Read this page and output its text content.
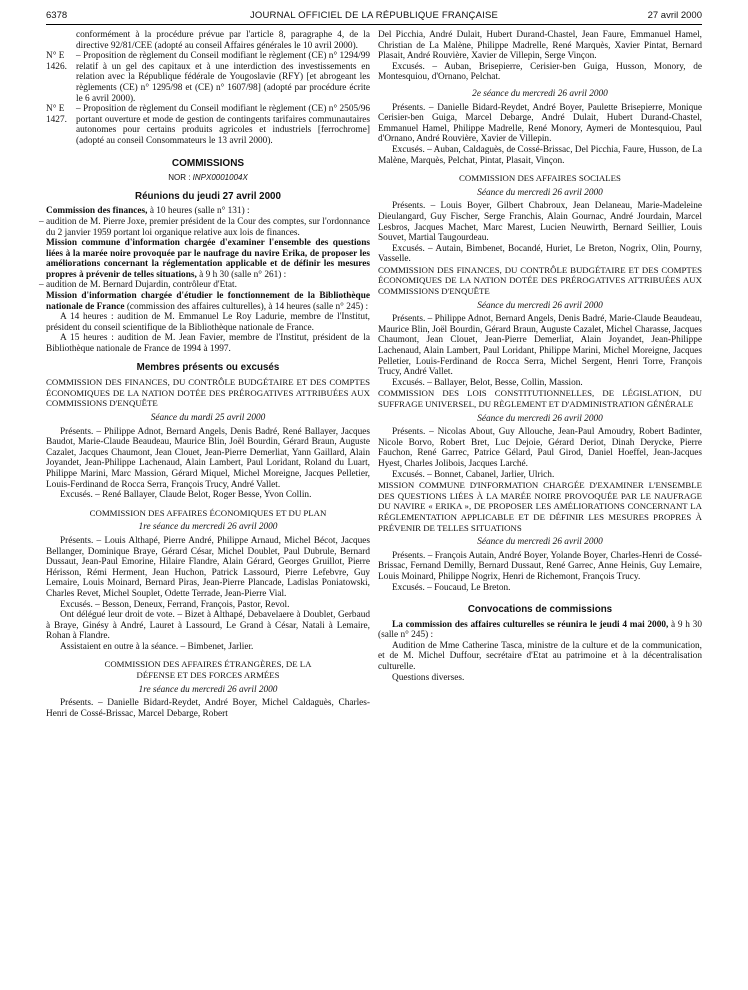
6378	JOURNAL OFFICIEL DE LA RÉPUBLIQUE FRANÇAISE	27 avril 2000

conformément à la procédure prévue par l'article 8, paragraphe 4, de la directive 92/81/CEE (adopté au conseil Affaires générales le 10 avril 2000).

N° E 1426.
– Proposition de règlement du Conseil modifiant le règlement (CE) n° 1294/99 relatif à un gel des capitaux et à une interdiction des investissements en relation avec la République fédérale de Yougoslavie (RFY) [et abrogeant les règlements (CE) n° 1295/98 et (CE) n° 1607/98] (adopté par procédure écrite le 6 avril 2000).
N° E 1427.
– Proposition de règlement du Conseil modifiant le règlement (CE) n° 2505/96 portant ouverture et mode de gestion de contingents tarifaires communautaires autonomes pour certains produits agricoles et industriels [ferrochrome] (adopté au conseil Consommateurs le 13 avril 2000).
COMMISSIONS
NOR : INPX0001004X
Réunions du jeudi 27 avril 2000

Commission des finances, à 10 heures (salle n° 131) :

– audition de M. Pierre Joxe, premier président de la Cour des comptes, sur l'ordonnance du 2 janvier 1959 portant loi organique relative aux lois de finances.

Mission commune d'information chargée d'examiner l'ensemble des questions liées à la marée noire provoquée par le naufrage du navire Erika, de proposer les améliorations concernant la réglementation applicable et de définir les mesures propres à prévenir de telles situations, à 9 h 30 (salle n° 261) :

– audition de M. Bernard Dujardin, contrôleur d'Etat.

Mission d'information chargée d'étudier le fonctionnement de la Bibliothèque nationale de France (commission des affaires culturelles), à 14 heures (salle n° 245) :

A 14 heures : audition de M. Emmanuel Le Roy Ladurie, membre de l'Institut, président du conseil scientifique de la Bibliothèque nationale de France.

A 15 heures : audition de M. Jean Favier, membre de l'Institut, président de la Bibliothèque nationale de France de 1994 à 1997.

Membres présents ou excusés

COMMISSION DES FINANCES, DU CONTRÔLE BUDGÉTAIRE ET DES COMPTES ÉCONOMIQUES DE LA NATION DOTÉE DES PRÉROGATIVES ATTRIBUÉES AUX COMMISSIONS D'ENQUÊTE

Séance du mardi 25 avril 2000

Présents. – Philippe Adnot, Bernard Angels, Denis Badré, René Ballayer, Jacques Baudot, Marie-Claude Beaudeau, Maurice Blin, Joël Bourdin, Gérard Braun, Auguste Cazalet, Jacques Chaumont, Jean Clouet, Jean-Pierre Demerliat, Yann Gaillard, Alain Joyandet, Jean-Philippe Lachenaud, Alain Lambert, Paul Loridant, Roland du Luart, Philippe Marini, Marc Massion, Gérard Miquel, Michel Moreigne, Jacques Pelletier, Louis-Ferdinand de Rocca Serra, François Trucy, André Vallet.

Excusés. – René Ballayer, Claude Belot, Roger Besse, Yvon Collin.

COMMISSION DES AFFAIRES ÉCONOMIQUES ET DU PLAN
1re séance du mercredi 26 avril 2000

Présents. – Louis Althapé, Pierre André, Philippe Arnaud, Michel Bécot, Jacques Bellanger, Dominique Braye, Gérard César, Michel Doublet, Paul Dubrule, Bernard Dussaut, Jean-Paul Emorine, Hilaire Flandre, Alain Gérard, Georges Gruillot, Pierre Hérisson, Rémi Herment, Jean Huchon, Patrick Lassourd, Pierre Lefebvre, Guy Lemaire, Louis Moinard, Bernard Piras, Jean-Pierre Plancade, Ladislas Poniatowski, Charles Revet, Michel Souplet, Odette Terrade, Jean-Pierre Vial.

Excusés. – Besson, Deneux, Ferrand, François, Pastor, Revol.

Ont délégué leur droit de vote. – Bizet à Althapé, Debavelaere à Doublet, Gerbaud à Braye, Ginésy à André, Lauret à Lassourd, Le Grand à César, Natali à Lemaire, Rohan à Flandre.

Assistaient en outre à la séance. – Bimbenet, Jarlier.

COMMISSION DES AFFAIRES ÉTRANGÈRES, DE LA DÉFENSE ET DES FORCES ARMÉES
1re séance du mercredi 26 avril 2000

Présents. – Danielle Bidard-Reydet, André Boyer, Michel Caldaguès, Charles-Henri de Cossé-Brissac, Marcel Debarge, Robert

Del Picchia, André Dulait, Hubert Durand-Chastel, Jean Faure, Emmanuel Hamel, Christian de La Malène, Philippe Madrelle, René Marquès, Xavier Pintat, Bernard Plasait, André Rouvière, Xavier de Villepin, Serge Vinçon.

Excusés. – Auban, Brisepierre, Cerisier-ben Guiga, Husson, Monory, de Montesquiou, d'Ornano, Pelchat.

2e séance du mercredi 26 avril 2000

Présents. – Danielle Bidard-Reydet, André Boyer, Paulette Brisepierre, Monique Cerisier-ben Guiga, Marcel Debarge, André Dulait, Hubert Durand-Chastel, Emmanuel Hamel, Philippe Madrelle, René Monory, Aymeri de Montesquiou, Paul d'Ornano, André Rouvière, Xavier de Villepin.

Excusés. – Auban, Caldaguès, de Cossé-Brissac, Del Picchia, Faure, Husson, de La Malène, Marquès, Pelchat, Pintat, Plasait, Vinçon.

COMMISSION DES AFFAIRES SOCIALES
Séance du mercredi 26 avril 2000

Présents. – Louis Boyer, Gilbert Chabroux, Jean Delaneau, Marie-Madeleine Dieulangard, Guy Fischer, Serge Franchis, Alain Gournac, André Jourdain, Marcel Lesbros, Jacques Machet, Marc Marest, Lucien Neuwirth, Bernard Seillier, Louis Souvet, Martial Taugourdeau.

Excusés. – Autain, Bimbenet, Bocandé, Huriet, Le Breton, Nogrix, Olin, Pourny, Vasselle.

COMMISSION DES FINANCES, DU CONTRÔLE BUDGÉTAIRE ET DES COMPTES ÉCONOMIQUES DE LA NATION DOTÉE DES PRÉROGATIVES ATTRIBUÉES AUX COMMISSIONS D'ENQUÊTE

Séance du mercredi 26 avril 2000

Présents. – Philippe Adnot, Bernard Angels, Denis Badré, Marie-Claude Beaudeau, Maurice Blin, Joël Bourdin, Gérard Braun, Auguste Cazalet, Michel Charasse, Jacques Chaumont, Jean Clouet, Jean-Pierre Demerliat, Alain Joyandet, Jean-Philippe Lachenaud, Alain Lambert, Paul Loridant, Philippe Marini, Michel Moreigne, Jacques Pelletier, Louis-Ferdinand de Rocca Serra, Michel Sergent, Henri Torre, François Trucy, André Vallet.

Excusés. – Ballayer, Belot, Besse, Collin, Massion.

COMMISSION DES LOIS CONSTITUTIONNELLES, DE LÉGISLATION, DU SUFFRAGE UNIVERSEL, DU RÈGLEMENT ET D'ADMINISTRATION GÉNÉRALE

Séance du mercredi 26 avril 2000

Présents. – Nicolas About, Guy Allouche, Jean-Paul Amoudry, Robert Badinter, Nicole Borvo, Robert Bret, Luc Dejoie, Gérard Deriot, Dinah Derycke, Pierre Fauchon, René Garrec, Patrice Gélard, Paul Girod, Daniel Hoeffel, Jean-Jacques Hyest, Charles Jolibois, Jacques Larché.

Excusés. – Bonnet, Cabanel, Jarlier, Ulrich.

MISSION COMMUNE D'INFORMATION CHARGÉE D'EXAMINER L'ENSEMBLE DES QUESTIONS LIÉES À LA MARÉE NOIRE PROVOQUÉE PAR LE NAUFRAGE DU NAVIRE « ERIKA », DE PROPOSER LES AMÉLIORATIONS CONCERNANT LA RÉGLEMENTATION APPLICABLE ET DE DÉFINIR LES MESURES PROPRES À PRÉVENIR DE TELLES SITUATIONS

Séance du mercredi 26 avril 2000

Présents. – François Autain, André Boyer, Yolande Boyer, Charles-Henri de Cossé-Brissac, Fernand Demilly, Bernard Dussaut, René Garrec, Anne Heinis, Guy Lemaire, Louis Moinard, Philippe Nogrix, Henri de Richemont, François Trucy.

Excusés. – Foucaud, Le Breton.

Convocations de commissions

La commission des affaires culturelles se réunira le jeudi 4 mai 2000, à 9 h 30 (salle n° 245) :

Audition de Mme Catherine Tasca, ministre de la culture et de la communication, et de M. Michel Duffour, secrétaire d'Etat au patrimoine et à la décentralisation culturelle.

Questions diverses.
